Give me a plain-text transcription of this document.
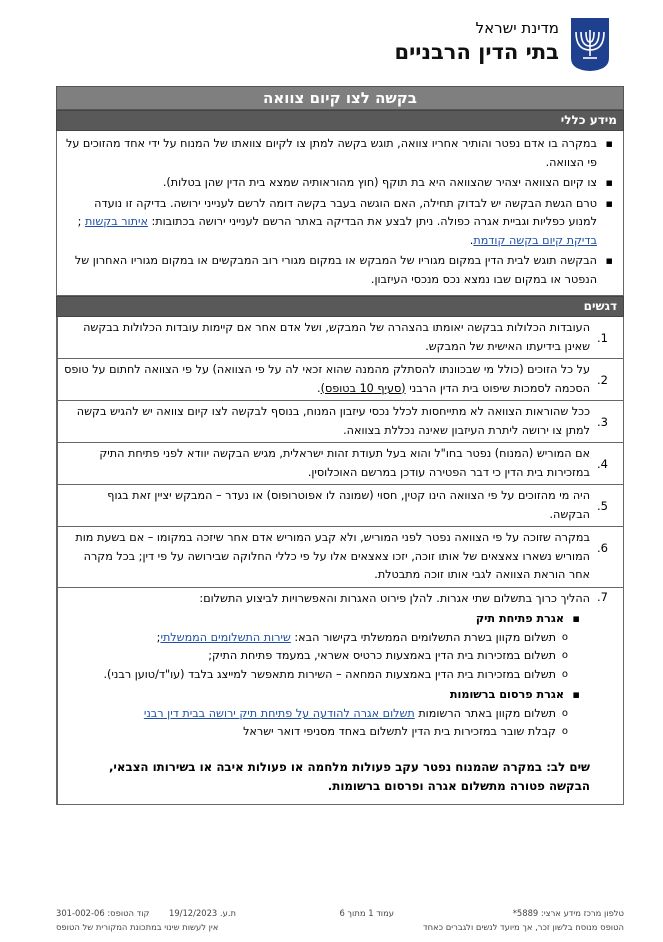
מדינת ישראל
בתי הדין הרבניים
בקשה לצו קיום צוואה
מידע כללי
▪ במקרה בו אדם נפטר והותיר אחריו צוואה, תוגש בקשה למתן צו לקיום צוואתו של המנוח על ידי אחד מהזוכים על פי הצוואה.
▪ צו קיום הצוואה יצהיר שהצוואה היא בת תוקף (חוץ מהוראותיה שמצא בית הדין שהן בטלות).
▪ טרם הגשת הבקשה יש לבדוק תחילה, האם הוגשה בעבר בקשה דומה לרשם לענייני ירושה. בדיקה זו נועדה למנוע כפליות וגביית אגרה כפולה. ניתן לבצע את הבדיקה באתר הרשם לענייני ירושה בכתובות: איתור בקשות ; בדיקת קיום בקשה קודמת.
▪ הבקשה תוגש לבית הדין במקום מגוריו של המבקש או במקום מגורי רוב המבקשים או במקום מגוריו האחרון של הנפטר או במקום שבו נמצא נכס מנכסי העיזבון.
דגשים
1.
העובדות הכלולות בבקשה יאומתו בהצהרה של המבקש, ושל אדם אחר אם קיימות עובדות הכלולות בבקשה שאינן בידיעתו האישית של המבקש.
2.
על כל הזוכים (כולל מי שבכוונתו להסתלק מהמנה שהוא זכאי לה על פי הצוואה) על פי הצוואה לחתום על טופס הסכמה לסמכות שיפוט בית הדין הרבני (סעיף 10 בטופס).
3.
ככל שהוראות הצוואה לא מתייחסות לכלל נכסי עיזבון המנוח, בנוסף לבקשה לצו קיום צוואה יש להגיש בקשה למתן צו ירושה ליתרת העיזבון שאינה נכללת בצוואה.
4.
אם המוריש (המנוח) נפטר בחו"ל והוא בעל תעודת זהות ישראלית, מגיש הבקשה יוודא לפני פתיחת התיק במזכירות בית הדין כי דבר הפטירה עודכן במרשם האוכלוסין.
5.
היה מי מהזוכים על פי הצוואה הינו קטין, חסוי (שמונה לו אפוטרופוס) או נעדר – המבקש יציין זאת בגוף הבקשה.
6.
במקרה שזוכה על פי הצוואה נפטר לפני המוריש, ולא קבע המוריש אדם אחר שיזכה במקומו – אם בשעת מות המוריש נשארו צאצאים של אותו זוכה, יזכו צאצאים אלו על פי כללי החלוקה שבירושה על פי דין; בכל מקרה אחר הוראת הצוואה לגבי אותו זוכה מתבטלת.
7.
ההליך כרוך בתשלום שתי אגרות. להלן פירוט האגרות והאפשרויות לביצוע התשלום:
▪ אגרת פתיחת תיק
o תשלום מקוון בשרת התשלומים הממשלתי בקישור הבא: שירות התשלומים הממשלתי;
o תשלום במזכירות בית הדין באמצעות כרטיס אשראי, במעמד פתיחת התיק;
o תשלום במזכירות בית הדין באמצעות המחאה – השירות מתאפשר למייצג בלבד (עו"ד/טוען רבני).
▪ אגרת פרסום ברשומות
o תשלום מקוון באתר הרשומות תשלום אגרה להודעה על פתיחת תיק ירושה בבית דין רבני
o קבלת שובר במזכירות בית הדין לתשלום באחד מסניפי דואר ישראל
שים לב: במקרה שהמנוח נפטר עקב פעולות מלחמה או פעולות איבה או בשירותו הצבאי, הבקשה פטורה מתשלום אגרה ופרסום ברשומות.
טלפון מרכז מידע ארצי: 5889*
עמוד 1 מתוך 6
ת.ע. 19/12/2023
קוד הטופס: 301-002-06
הטופס מנוסח בלשון זכר, אך מיועד לנשים ולגברים כאחד
אין לעשות שינוי במתכונת המקורית של הטופס
